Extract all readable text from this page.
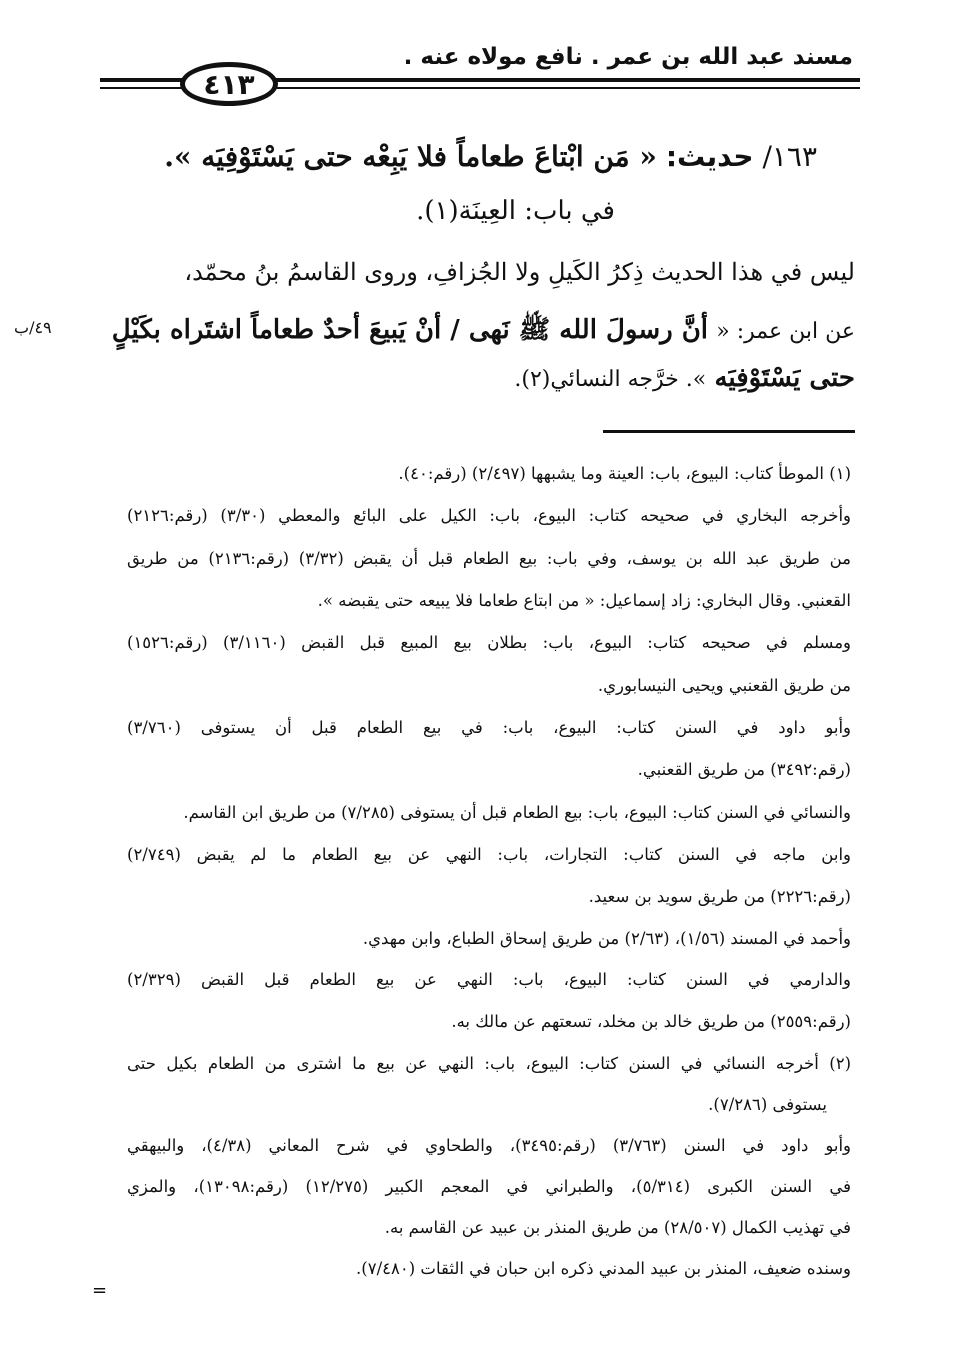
مسند عبد الله بن عمر . نافع مولاه عنه .
٤١٣
١٦٣/ حديث: « مَن ابْتاعَ طعاماً فلا يَبِعْه حتى يَسْتَوْفِيَه ».
في باب: العِينَة(١).
ليس في هذا الحديث ذِكرُ الكَيلِ ولا الجُزافِ، وروى القاسمُ بنُ محمّد،
عن ابن عمر: « أنَّ رسولَ الله ﷺ نَهى / أنْ يَبيعَ أحدٌ طعاماً اشتَراه بكَيْلٍ
حتى يَسْتَوْفِيَه ». خرَّجه النسائي(٢).
٤٩/ب
(١) الموطأ كتاب: البيوع، باب: العينة وما يشبهها (٢/٤٩٧) (رقم:٤٠).
وأخرجه البخاري في صحيحه كتاب: البيوع، باب: الكيل على البائع والمعطي (٣/٣٠) (رقم:٢١٢٦)
من طريق عبد الله بن يوسف، وفي باب: بيع الطعام قبل أن يقبض (٣/٣٢) (رقم:٢١٣٦) من طريق
القعنبي. وقال البخاري: زاد إسماعيل: « من ابتاع طعاما فلا يبيعه حتى يقبضه ».
ومسلم في صحيحه كتاب: البيوع، باب: بطلان بيع المبيع قبل القبض (٣/١١٦٠) (رقم:١٥٢٦)
من طريق القعنبي ويحيى النيسابوري.
وأبو داود في السنن كتاب: البيوع، باب: في بيع الطعام قبل أن يستوفى (٣/٧٦٠)
(رقم:٣٤٩٢) من طريق القعنبي.
والنسائي في السنن كتاب: البيوع، باب: بيع الطعام قبل أن يستوفى (٧/٢٨٥) من طريق ابن القاسم.
وابن ماجه في السنن كتاب: التجارات، باب: النهي عن بيع الطعام ما لم يقبض (٢/٧٤٩)
(رقم:٢٢٢٦) من طريق سويد بن سعيد.
وأحمد في المسند (١/٥٦)، (٢/٦٣) من طريق إسحاق الطباع، وابن مهدي.
والدارمي في السنن كتاب: البيوع، باب: النهي عن بيع الطعام قبل القبض (٢/٣٢٩)
(رقم:٢٥٥٩) من طريق خالد بن مخلد، تسعتهم عن مالك به.
(٢) أخرجه النسائي في السنن كتاب: البيوع، باب: النهي عن بيع ما اشترى من الطعام بكيل حتى
يستوفى (٧/٢٨٦).
وأبو داود في السنن (٣/٧٦٣) (رقم:٣٤٩٥)، والطحاوي في شرح المعاني (٤/٣٨)، والبيهقي
في السنن الكبرى (٥/٣١٤)، والطبراني في المعجم الكبير (١٢/٢٧٥) (رقم:١٣٠٩٨)، والمزي
في تهذيب الكمال (٢٨/٥٠٧) من طريق المنذر بن عبيد عن القاسم به.
وسنده ضعيف، المنذر بن عبيد المدني ذكره ابن حبان في الثقات (٧/٤٨٠).
=
